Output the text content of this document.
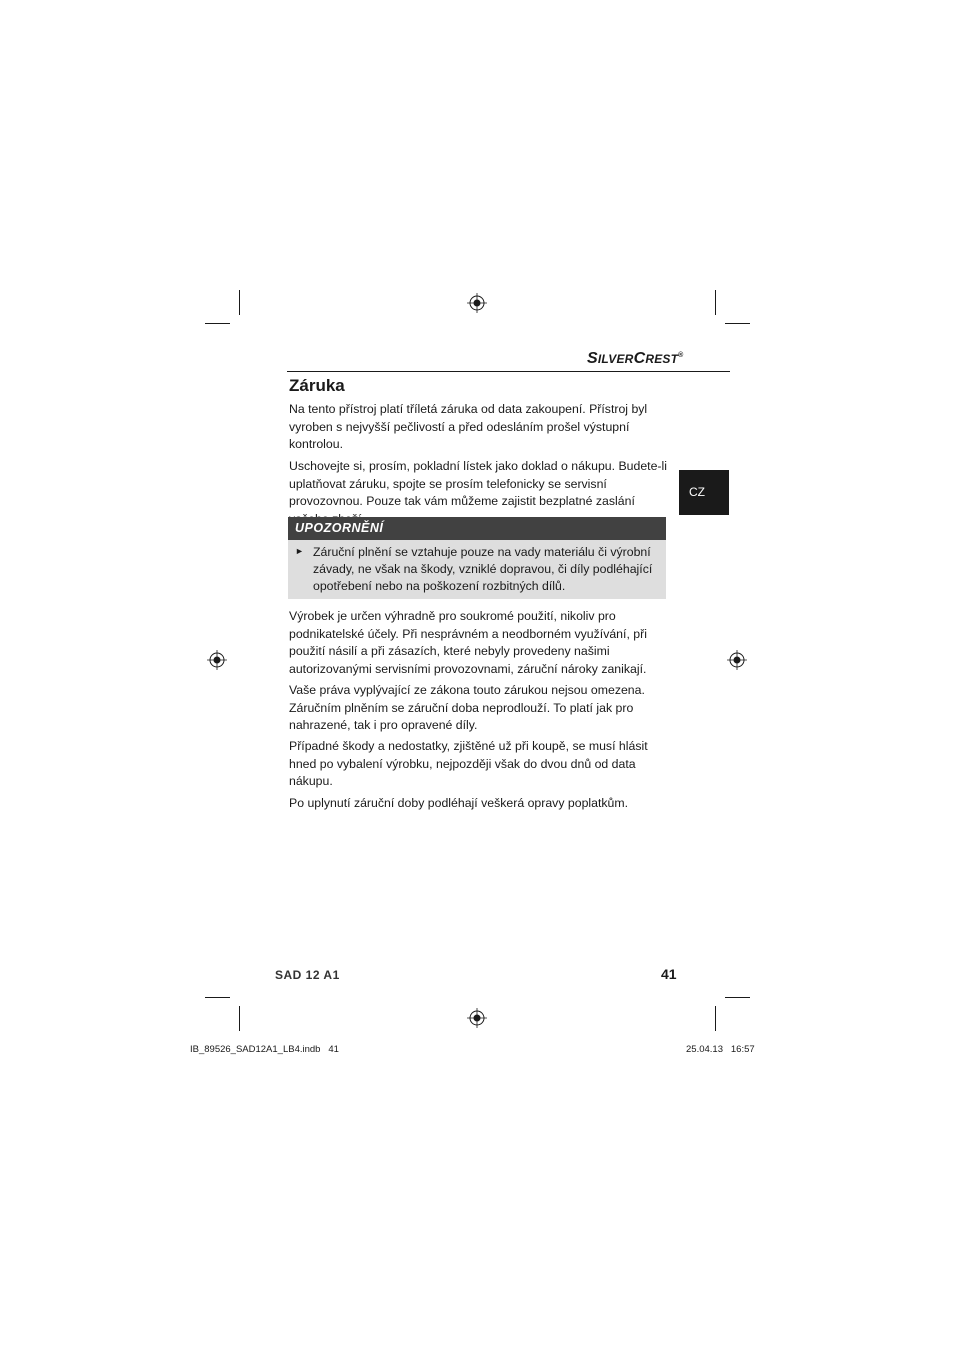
SILVERCREST®
Záruka
Na tento přístroj platí tříletá záruka od data zakoupení. Přístroj byl vyroben s nejvyšší pečlivostí a před odesláním prošel výstupní kontrolou.
Uschovejte si, prosím, pokladní lístek jako doklad o nákupu. Budete-li uplatňovat záruku, spojte se prosím telefonicky se servisní provozovnou. Pouze tak vám můžeme zajistit bezplatné zaslání
UPOZORNĚNÍ
► Záruční plnění se vztahuje pouze na vady materiálu či výrobní závady, ne však na škody, vzniklé dopravou, či díly podléhající opotřebení nebo na poškození rozbitných dílů.
Výrobek je určen výhradně pro soukromé použití, nikoliv pro podnikatelské účely. Při nesprávném a neodborném využívání, při použití násilí a při zásazích, které nebyly provedeny našimi autorizovanými servisními provozovnami, záruční nároky zanikají.
Vaše práva vyplývající ze zákona touto zárukou nejsou omezena. Záručním plněním se záruční doba neprodlouží. To platí jak pro nahrazené, tak i pro opravené díly.
Případné škody a nedostatky, zjištěné už při koupě, se musí hlásit hned po vybalení výrobku, nejpozději však do dvou dnů od data nákupu.
Po uplynutí záruční doby podléhají veškerá opravy poplatkům.
CZ
SAD 12 A1	41
IB_89526_SAD12A1_LB4.indb   41	25.04.13   16:57
